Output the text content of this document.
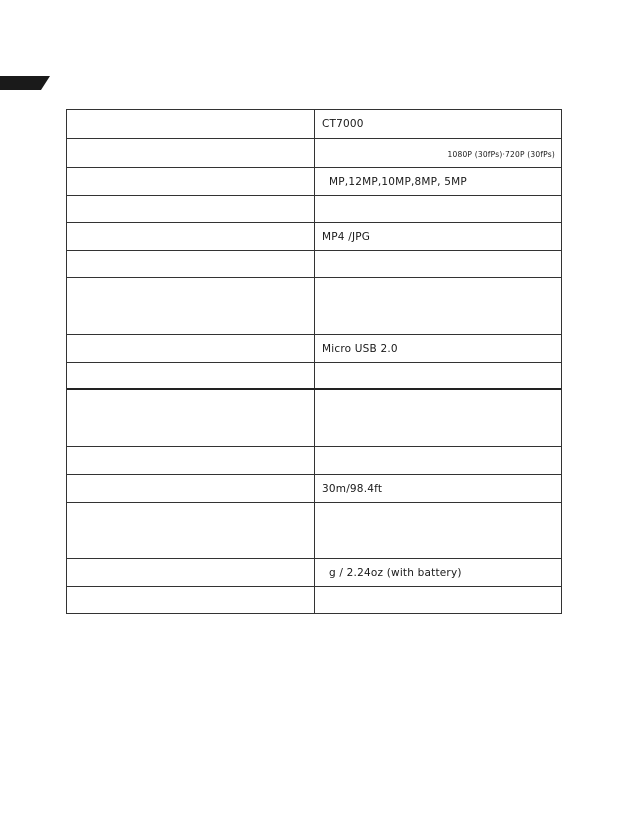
CT7000
1080P (30fPs)·720P (30fPs)
MP,12MP,10MP,8MP, 5MP
MP4 /JPG
Micro USB 2.0
30m/98.4ft
g / 2.24oz (with battery)
